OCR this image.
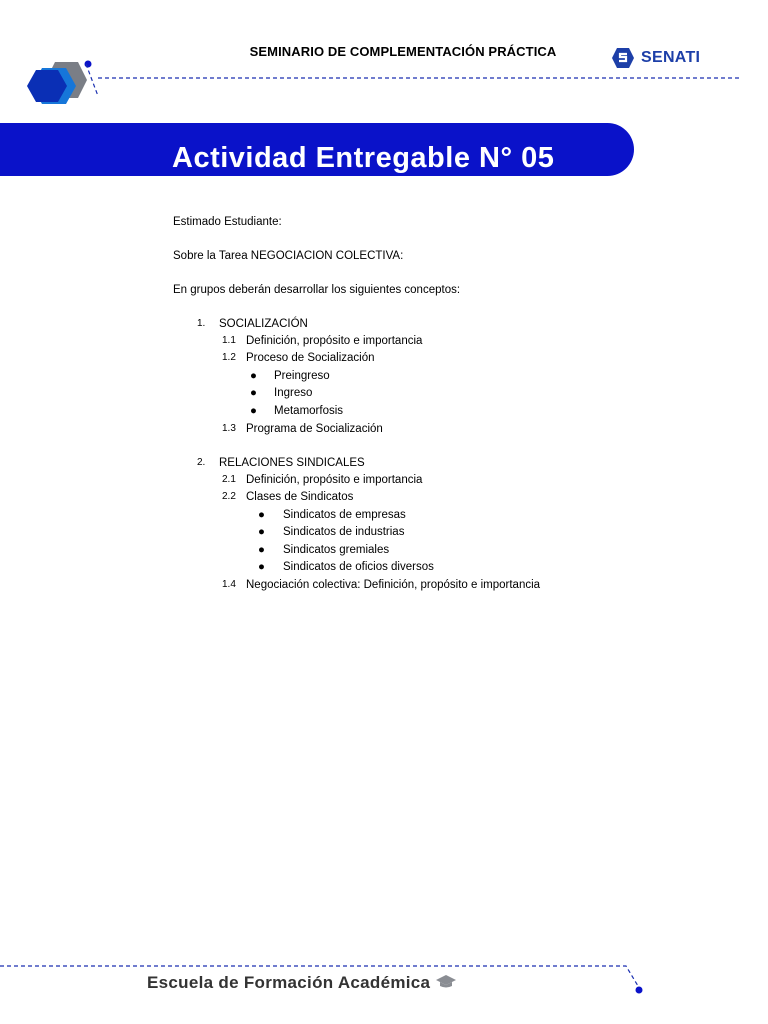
SEMINARIO DE COMPLEMENTACIÓN PRÁCTICA	SENATI
Actividad Entregable N° 05
Estimado Estudiante:
Sobre la Tarea NEGOCIACION COLECTIVA:
En grupos deberán desarrollar los siguientes conceptos:
1. SOCIALIZACIÓN
1.1 Definición, propósito e importancia
1.2 Proceso de Socialización
● Preingreso
● Ingreso
● Metamorfosis
1.3 Programa de Socialización
2. RELACIONES SINDICALES
2.1 Definición, propósito e importancia
2.2 Clases de Sindicatos
● Sindicatos de empresas
● Sindicatos de industrias
● Sindicatos gremiales
● Sindicatos de oficios diversos
1.4 Negociación colectiva: Definición, propósito e importancia
Escuela de Formación Académica
